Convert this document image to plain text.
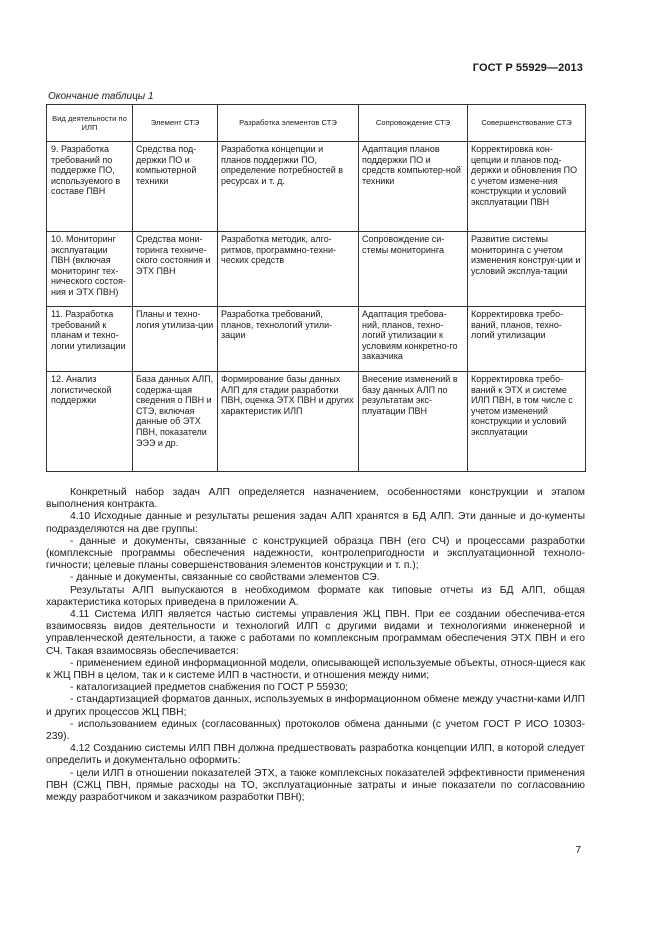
ГОСТ Р 55929—2013
Окончание таблицы 1
Вид деятельности по ИЛП	Элемент СТЭ	Разработка элементов СТЭ	Сопровождение СТЭ	Совершенствование СТЭ
9. Разработка требований по поддержке ПО, используемого в составе ПВН	Средства под-держки ПО и компьютерной техники	Разработка концепции и планов поддержки ПО, определение потребностей в ресурсах и т. д.	Адаптация планов поддержки ПО и средств компьютер-ной техники	Корректировка кон-цепции и планов под-держки и обновления ПО с учетом измене-ния конструкции и условий эксплуатации ПВН
10. Мониторинг эксплуатации ПВН (включая мониторинг тех-нического состоя-ния и ЭТХ ПВН)	Средства мони-торинга техниче-ского состояния и ЭТХ ПВН	Разработка методик, алго-ритмов, программно-техни-ческих средств	Сопровождение си-стемы мониторинга	Развитие системы мониторинга с учетом изменения конструк-ции и условий эксплуа-тации
11. Разработка требований к планам и техно-логии утилизации	Планы и техно-логия утилиза-ции	Разработка требований, планов, технологий утили-зации	Адаптация требова-ний, планов, техно-логий утилизации к условиям конкретно-го заказчика	Корректировка требо-ваний, планов, техно-логий утилизации
12. Анализ логистической поддержки	База данных АЛП, содержа-щая сведения о ПВН и СТЭ, включая данные об ЭТХ ПВН, показатели ЭЭЭ и др.	Формирование базы данных АЛП для стадии разработки ПВН, оценка ЭТХ ПВН и других характеристик ИЛП	Внесение изменений в базу данных АЛП по результатам экс-плуатации ПВН	Корректировка требо-ваний к ЭТХ и системе ИЛП ПВН, в том числе с учетом изменений конструкции и условий эксплуатации

Конкретный набор задач АЛП определяется назначением, особенностями конструкции и этапом выполнения контракта.

4.10 Исходные данные и результаты решения задач АЛП хранятся в БД АЛП. Эти данные и до-кументы подразделяются на две группы:

- данные и документы, связанные с конструкцией образца ПВН (его СЧ) и процессами разработки (комплексные программы обеспечения надежности, контролепригодности и эксплуатационной техноло-гичности; целевые планы совершенствования элементов конструкции и т. п.);

- данные и документы, связанные со свойствами элементов СЭ.

Результаты АЛП выпускаются в необходимом формате как типовые отчеты из БД АЛП, общая характеристика которых приведена в приложении А.

4.11 Система ИЛП является частью системы управления ЖЦ ПВН. При ее создании обеспечива-ется взаимосвязь видов деятельности и технологий ИЛП с другими видами и технологиями инженерной и управленческой деятельности, а также с работами по комплексным программам обеспечения ЭТХ ПВН и его СЧ. Такая взаимосвязь обеспечивается:

- применением единой информационной модели, описывающей используемые объекты, относя-щиеся как к ЖЦ ПВН в целом, так и к системе ИЛП в частности, и отношения между ними;

- каталогизацией предметов снабжения по ГОСТ Р 55930;

- стандартизацией форматов данных, используемых в информационном обмене между участни-ками ИЛП и других процессов ЖЦ ПВН;

- использованием единых (согласованных) протоколов обмена данными (с учетом ГОСТ Р ИСО 10303-239).

4.12 Созданию системы ИЛП ПВН должна предшествовать разработка концепции ИЛП, в которой следует определить и документально оформить:

- цели ИЛП в отношении показателей ЭТХ, а также комплексных показателей эффективности применения ПВН (СЖЦ ПВН, прямые расходы на ТО, эксплуатационные затраты и иные показатели по согласованию между разработчиком и заказчиком разработки ПВН);

7
